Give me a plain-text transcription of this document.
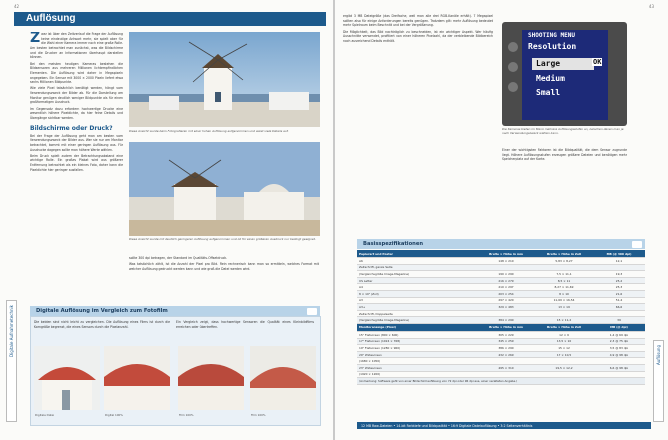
42
Auflösung
Z war ist über den Zeitverlauf die Frage der Auflösung keine eindeutige Antwort mehr, sie spielt aber für die Wahl einer Kamera immer noch eine große Rolle. Am besten betrachtet man zunächst, was die Bildschirme und die Drucker an Informationen überhaupt darstellen können.

Bei den meisten heutigen Kameras bestehen die Bildsensoren aus mehreren Millionen lichtempfindlichen Elementen. Die Auflösung wird daher in Megapixeln angegeben. Ein Sensor mit 3000 × 2000 Pixeln liefert etwa sechs Millionen Bildpunkte.

Wie viele Pixel tatsächlich benötigt werden, hängt vom Verwendungszweck der Bilder ab. Für die Darstellung am Monitor genügen deutlich weniger Bildpunkte als für einen großformatigen Ausdruck.

Im Gegensatz dazu erfordern hochwertige Drucke eine wesentlich höhere Pixeldichte, da hier feine Details und Übergänge sichtbar werden.

Bildschirme oder Druck?

Bei der Frage der Auflösung geht man am besten vom Verwendungszweck der Bilder aus. Wer sie nur am Monitor betrachtet, kommt mit einer geringen Auflösung aus. Für Ausdrucke dagegen sollte man höhere Werte wählen.

Beim Druck spielt zudem der Betrachtungsabstand eine wichtige Rolle. Ein großes Plakat wird aus größerer Entfernung betrachtet als ein kleines Foto, daher kann die Pixeldichte hier geringer ausfallen.

Diese Ansicht wurde beim Fotografieren mit einer hohen Auflösung aufgenommen und weist viele Details auf.
Diese Ansicht wurde mit deutlich geringerer Auflösung aufgenommen und ist für einen größeren Ausdruck nur bedingt geeignet.

sollte 300 dpi betragen, der Standard im Qualitäts-Offsetdruck.

Was tatsächlich zählt, ist die Anzahl der Pixel pro Bild. Rein rechnerisch kann man so ermitteln, welches Format mit welcher Auflösung gedruckt werden kann und wie groß die Datei werden wird.

Digitale Auflösung im Vergleich zum Fotofilm

Die beiden sind nicht leicht zu vergleichen. Die Auflösung eines Films ist durch die Korngröße begrenzt, die eines Sensors durch die Pixelanzahl.

Ein Vergleich zeigt, dass hochwertige Sensoren die Qualität eines Kleinbildfilms erreichen oder übertreffen.

Digitale Datei	Digital 100%	Film 100%	Film 100%
Digitale Aufnahmetechnik
43

ergibt 3 MB Dateigröße (das Dreifache, weil man alle drei RGB-Kanäle erhält). 7 Megapixel sollten also für einige Anforderungen bereits genügen. Trotzdem gilt: mehr Auflösung bedeutet mehr Spielraum beim Beschnitt und bei der Vergrößerung.

Die Möglichkeit, das Bild nachträglich zu beschneiden, ist ein wichtiger Aspekt. Wer häufig Ausschnitte verwendet, profitiert von einer höheren Pixelzahl, da der verbleibende Bildbereich noch ausreichend Details enthält.

SHOOTING MENU
Resolution
Large	OK
Medium
Small
Die Kameras bieten im Menü mehrere Auflösungsstufen an, zwischen denen man je nach Verwendungszweck wählen kann.

Einer der wichtigsten Faktoren ist die Bildqualität, die dem Sensor zugrunde liegt. Höhere Auflösungsstufen erzeugen größere Dateien und benötigen mehr Speicherplatz auf der Karte.

Basisspezifikationen
Papierart und Poster	Breite × Höhe in mm	Breite × Höhe in Zoll	MB (@ 300 dpi)
A6	148 × 210	5,83 × 8,27	12,1
Zeitschrift, ganze Seite			
(Vergleichsgröße Image-Magazine)	190 × 290	7,5 × 11,1	19,3
US Letter	216 × 279	8,5 × 11	25,2
A4	210 × 297	8,27 × 11,69	25,3
8 × 10" (Zoll)	203 × 254	8 × 10	21,6
A3	297 × 420	11,69 × 16,54	51,4
A3+	329 × 483	13 × 19	66,6
Zeitschrift, Doppelseite			
(Vergleichsgröße Image-Magazine)	384 × 290	15 × 11,2	39
Monitoranzeige (Pixel)	Breite × Höhe in mm	Breite × Höhe in Zoll	MB (@ dpi)
15" Flatscreen (800 × 600)	305 × 229	12 × 9	1,4 @ 69 dpi
17" Flatscreen (1024 × 768)	345 × 259	13,5 × 10	2,3 @ 75 dpi
19" Flatscreen (1280 × 960)	386 × 290	15 × 12	3,5 @ 83 dpi
20" Widescreen	432 × 269	17 × 10,5	4,9 @ 98 dpi
(1680 × 1050)			
23" Widescreen	495 × 310	19,5 × 12,2	6,6 @ 98 dpi
(1920 × 1200)			
(Anmerkung: Software geht von einer Bildschirmauflösung von 72 dpi oder 96 dpi aus, einer veralteten Angabe.)			
12 MB Raw-Dateien • 14-bit Farbtiefe und Bildqualität • 16:9 Digitale Dateiauflösung • 3:2 Seitenverhältnis
Auflösung
